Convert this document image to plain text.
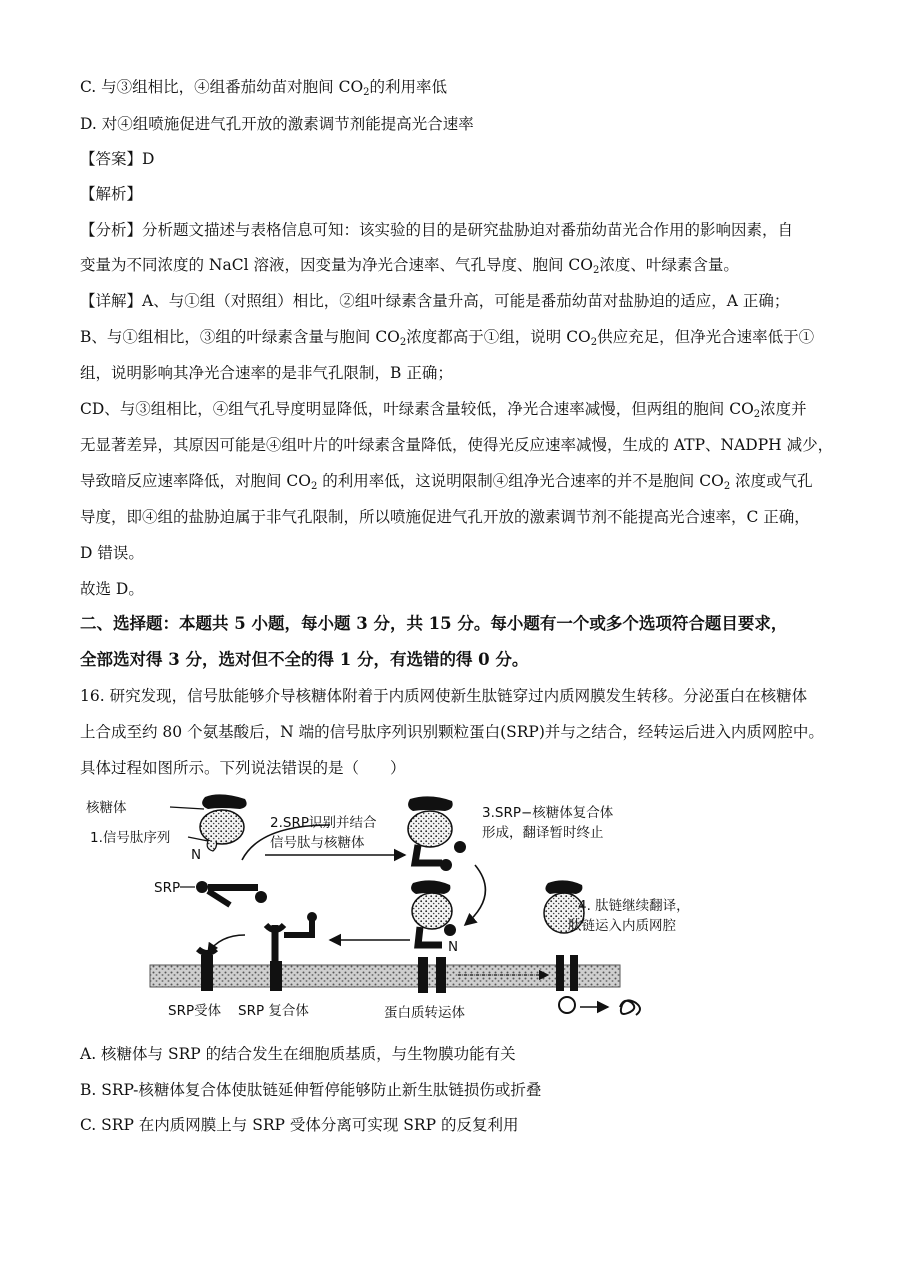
C. 与③组相比，④组番茄幼苗对胞间 $CO_2$的利用率低
D. 对④组喷施促进气孔开放的激素调节剂能提高光合速率
【答案】D
【解析】
【分析】分析题文描述与表格信息可知：该实验的目的是研究盐胁迫对番茄幼苗光合作用的影响因素，自
变量为不同浓度的 NaCl 溶液，因变量为净光合速率、气孔导度、胞间 $CO_2$浓度、叶绿素含量。
【详解】A、与①组（对照组）相比，②组叶绿素含量升高，可能是番茄幼苗对盐胁迫的适应，A 正确；
B、与①组相比，③组的叶绿素含量与胞间 $CO_2$浓度都高于①组，说明 $CO_2$供应充足，但净光合速率低于①
组，说明影响其净光合速率的是非气孔限制，B 正确；
CD、与③组相比，④组气孔导度明显降低，叶绿素含量较低，净光合速率减慢，但两组的胞间 $CO_2$浓度并
无显著差异，其原因可能是④组叶片的叶绿素含量降低，使得光反应速率减慢，生成的 ATP、NADPH 减少，
导致暗反应速率降低，对胞间 $CO_2$ 的利用率低，这说明限制④组净光合速率的并不是胞间 $CO_2$ 浓度或气孔
导度，即④组的盐胁迫属于非气孔限制，所以喷施促进气孔开放的激素调节剂不能提高光合速率，C 正确，
D 错误。
故选 D。
二、选择题：本题共 5 小题，每小题 3 分，共 15 分。每小题有一个或多个选项符合题目要求，
全部选对得 3 分，选对但不全的得 1 分，有选错的得 0 分。
16. 研究发现，信号肽能够介导核糖体附着于内质网使新生肽链穿过内质网膜发生转移。分泌蛋白在核糖体
上合成至约 80 个氨基酸后，N 端的信号肽序列识别颗粒蛋白(SRP)并与之结合，经转运后进入内质网腔中。
具体过程如图所示。下列说法错误的是（　　）
核糖体
1.信号肽序列
N
SRP
2.SRP识别并结合
信号肽与核糖体
3.SRP−核糖体复合体
形成，翻译暂时终止
N
SRP 复合体
SRP受体	蛋白质转运体
4. 肽链继续翻译，
肽链运入内质网腔
A. 核糖体与 SRP 的结合发生在细胞质基质，与生物膜功能有关
B. SRP-核糖体复合体使肽链延伸暂停能够防止新生肽链损伤或折叠
C. SRP 在内质网膜上与 SRP 受体分离可实现 SRP 的反复利用
